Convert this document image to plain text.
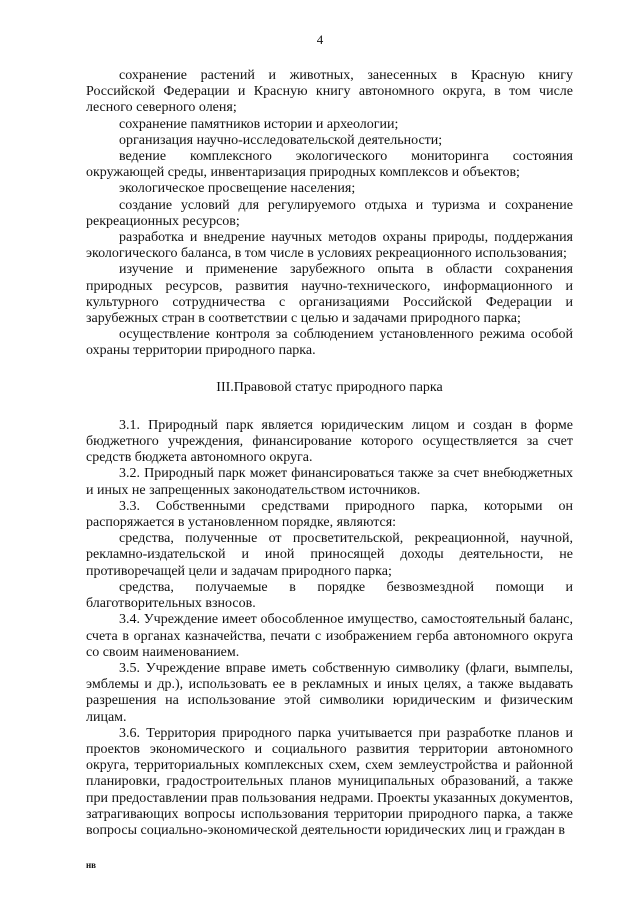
4

сохранение растений и животных, занесенных в Красную книгу Российской Федерации и Красную книгу автономного округа, в том числе лесного северного оленя;

сохранение памятников истории и археологии;

организация научно-исследовательской деятельности;

ведение комплексного экологического мониторинга состояния окружающей среды, инвентаризация природных комплексов и объектов;

экологическое просвещение населения;

создание условий для регулируемого отдыха и туризма и сохранение рекреационных ресурсов;

разработка и внедрение научных методов охраны природы, поддержания экологического баланса, в том числе в условиях рекреационного использования;

изучение и применение зарубежного опыта в области сохранения природных ресурсов, развития научно-технического, информационного и культурного сотрудничества с организациями Российской Федерации и зарубежных стран в соответствии с целью и задачами природного парка;

осуществление контроля за соблюдением установленного режима особой охраны территории природного парка.

III.Правовой статус природного парка

3.1. Природный парк является юридическим лицом и создан в форме бюджетного учреждения, финансирование которого осуществляется за счет средств бюджета автономного округа.

3.2. Природный парк может финансироваться также за счет внебюджетных и иных не запрещенных законодательством источников.

3.3. Собственными средствами природного парка, которыми он распоряжается в установленном порядке, являются:

средства, полученные от просветительской, рекреационной, научной, рекламно-издательской и иной приносящей доходы деятельности, не противоречащей цели и задачам природного парка;

средства, получаемые в порядке безвозмездной помощи и благотворительных взносов.

3.4. Учреждение имеет обособленное имущество, самостоятельный баланс, счета в органах казначейства, печати с изображением герба автономного округа со своим наименованием.

3.5. Учреждение вправе иметь собственную символику (флаги, вымпелы, эмблемы и др.), использовать ее в рекламных и иных целях, а также выдавать разрешения на использование этой символики юридическим и физическим лицам.

3.6. Территория природного парка учитывается при разработке планов и проектов экономического и социального развития территории автономного округа, территориальных комплексных схем, схем землеустройства и районной планировки, градостроительных планов муниципальных образований, а также при предоставлении прав пользования недрами. Проекты указанных документов, затрагивающих вопросы использования территории природного парка, а также вопросы социально-экономической деятельности юридических лиц и граждан в

нв
